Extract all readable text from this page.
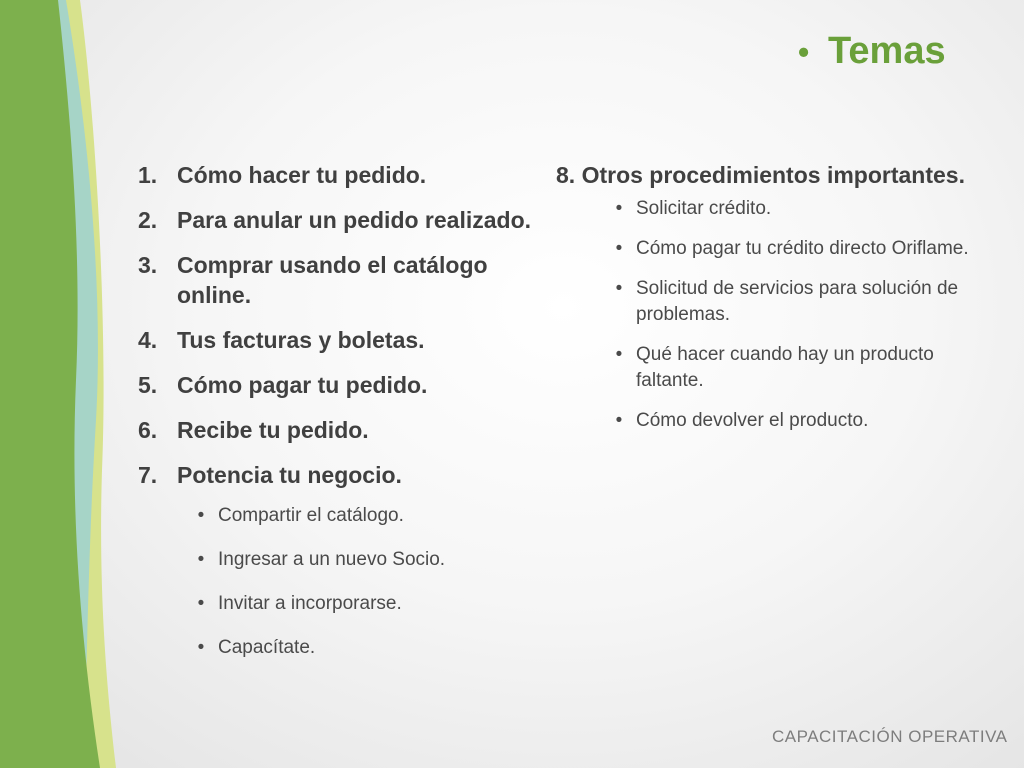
• Temas
1. Cómo hacer tu pedido.
2. Para anular un pedido realizado.
3. Comprar usando el catálogo online.
4. Tus facturas y boletas.
5. Cómo pagar tu pedido.
6. Recibe tu pedido.
7. Potencia tu negocio.
• Compartir el catálogo.
• Ingresar a un nuevo Socio.
• Invitar a incorporarse.
• Capacítate.
8. Otros procedimientos importantes.
• Solicitar crédito.
• Cómo pagar tu crédito directo Oriflame.
• Solicitud de servicios para solución de problemas.
• Qué hacer cuando hay un producto faltante.
• Cómo devolver el producto.
CAPACITACIÓN OPERATIVA
